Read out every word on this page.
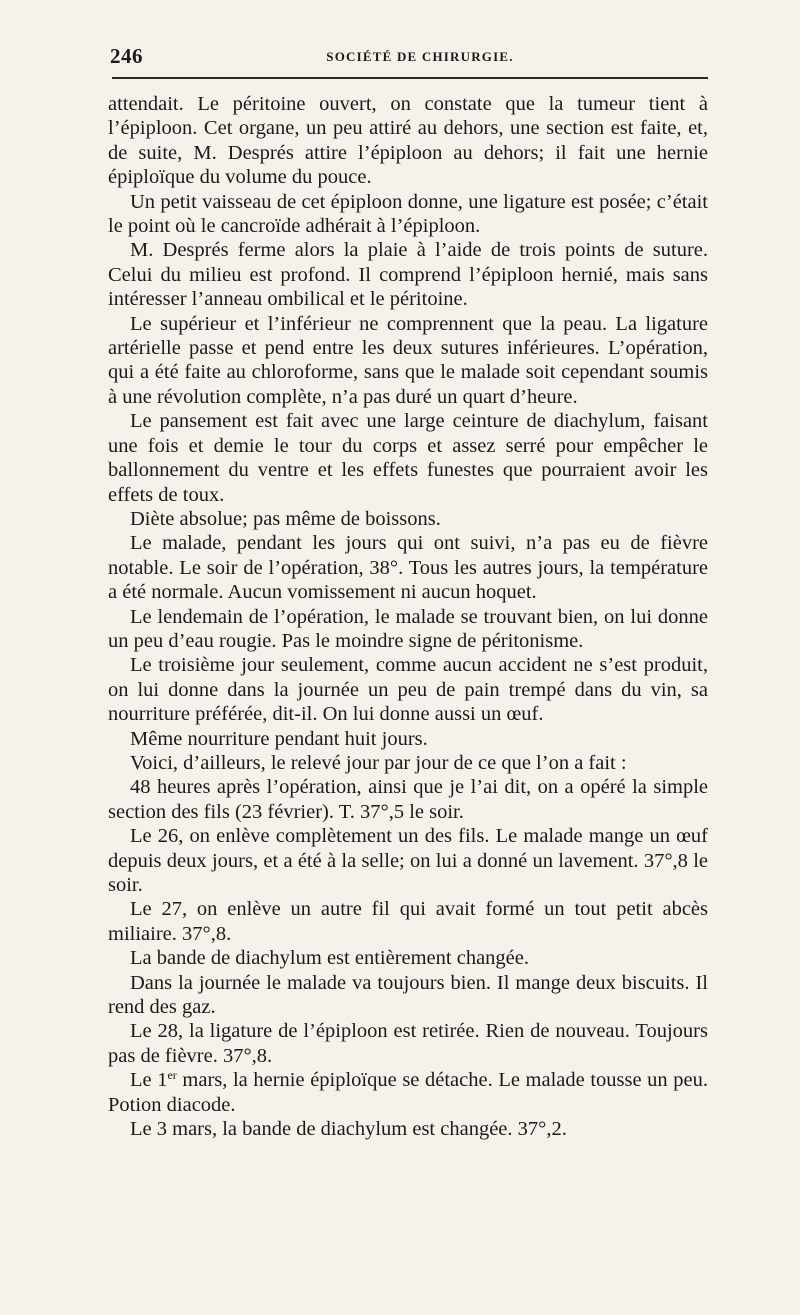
246	SOCIÉTÉ DE CHIRURGIE.

attendait. Le péritoine ouvert, on constate que la tumeur tient à l’épiploon. Cet organe, un peu attiré au dehors, une section est faite, et, de suite, M. Després attire l’épiploon au dehors; il fait une hernie épiploïque du volume du pouce.

Un petit vaisseau de cet épiploon donne, une ligature est posée; c’était le point où le cancroïde adhérait à l’épiploon.

M. Després ferme alors la plaie à l’aide de trois points de suture. Celui du milieu est profond. Il comprend l’épiploon hernié, mais sans intéresser l’anneau ombilical et le péritoine.

Le supérieur et l’inférieur ne comprennent que la peau. La ligature artérielle passe et pend entre les deux sutures inférieures. L’opération, qui a été faite au chloroforme, sans que le malade soit cependant soumis à une révolution complète, n’a pas duré un quart d’heure.

Le pansement est fait avec une large ceinture de diachylum, faisant une fois et demie le tour du corps et assez serré pour empêcher le ballonnement du ventre et les effets funestes que pourraient avoir les effets de toux.

Diète absolue; pas même de boissons.

Le malade, pendant les jours qui ont suivi, n’a pas eu de fièvre notable. Le soir de l’opération, 38°. Tous les autres jours, la température a été normale. Aucun vomissement ni aucun hoquet.

Le lendemain de l’opération, le malade se trouvant bien, on lui donne un peu d’eau rougie. Pas le moindre signe de péritonisme.

Le troisième jour seulement, comme aucun accident ne s’est produit, on lui donne dans la journée un peu de pain trempé dans du vin, sa nourriture préférée, dit-il. On lui donne aussi un œuf.

Même nourriture pendant huit jours.

Voici, d’ailleurs, le relevé jour par jour de ce que l’on a fait :

48 heures après l’opération, ainsi que je l’ai dit, on a opéré la simple section des fils (23 février). T. 37°,5 le soir.

Le 26, on enlève complètement un des fils. Le malade mange un œuf depuis deux jours, et a été à la selle; on lui a donné un lavement. 37°,8 le soir.

Le 27, on enlève un autre fil qui avait formé un tout petit abcès miliaire. 37°,8.

La bande de diachylum est entièrement changée.

Dans la journée le malade va toujours bien. Il mange deux biscuits. Il rend des gaz.

Le 28, la ligature de l’épiploon est retirée. Rien de nouveau. Toujours pas de fièvre. 37°,8.

Le 1er mars, la hernie épiploïque se détache. Le malade tousse un peu. Potion diacode.

Le 3 mars, la bande de diachylum est changée. 37°,2.
